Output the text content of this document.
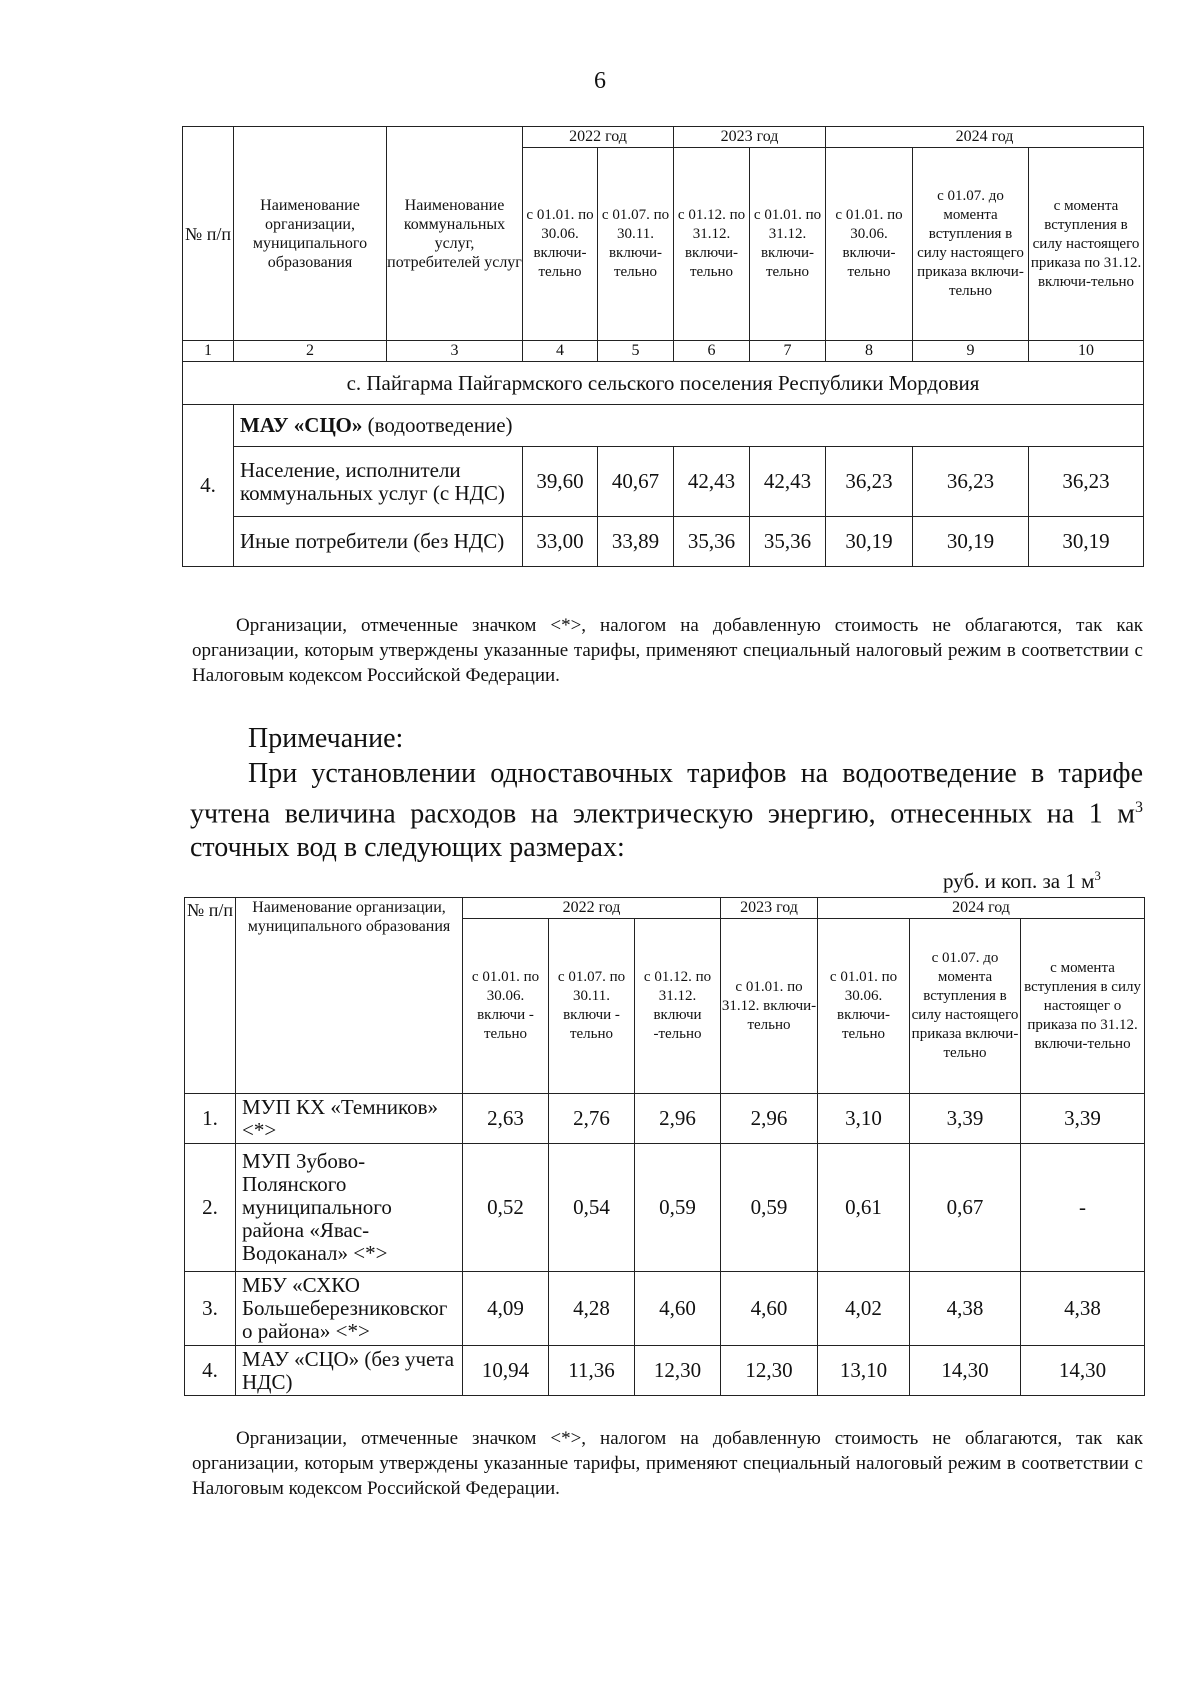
6
№ п/п	Наименование организации, муниципального образования	Наименование коммунальных услуг, потребителей услуг	2022 год		2023 год		2024 год		
			с 01.01. по 30.06. включи-тельно	с 01.07. по 30.11. включи-тельно	с 01.12. по 31.12. включи-тельно	с 01.01. по 31.12. включи-тельно	с 01.01. по 30.06. включи-тельно	с 01.07. до момента вступления в силу настоящего приказа включи-тельно	с момента вступления в силу настоящего приказа по 31.12. включи-тельно
1	2	3	4	5	6	7	8	9	10
с. Пайгарма Пайгармского сельского поселения Республики Мордовия									
4.	МАУ «СЦО» (водоотведение)								
	Население, исполнители коммунальных услуг (с НДС)		39,60	40,67	42,43	42,43	36,23	36,23	36,23
	Иные потребители (без НДС)		33,00	33,89	35,36	35,36	30,19	30,19	30,19
Организации, отмеченные значком <*>, налогом на добавленную стоимость не облагаются, так как организации, которым утверждены указанные тарифы, применяют специальный налоговый режим в соответствии с Налоговым кодексом Российской Федерации.
Примечание:
При установлении одноставочных тарифов на водоотведение в тарифе учтена величина расходов на электрическую энергию, отнесенных на 1 $м^3$ сточных вод в следующих размерах:
руб. и коп. за 1 $м^3$
№ п/п	Наименование организации, муниципального образования	2022 год			2023 год	2024 год		
		с 01.01. по 30.06. включи - тельно	с 01.07. по 30.11. включи - тельно	с 01.12. по 31.12. включи -тельно	с 01.01. по 31.12. включи-тельно	с 01.01. по 30.06. включи-тельно	с 01.07. до момента вступления в силу настоящего приказа включи-тельно	с момента вступления в силу настоящег о приказа по 31.12. включи-тельно
1.	МУП КХ «Темников» <*>	2,63	2,76	2,96	2,96	3,10	3,39	3,39
2.	МУП Зубово-Полянского муниципального района «Явас-Водоканал» <*>	0,52	0,54	0,59	0,59	0,61	0,67	-
3.	МБУ «СХКО Большеберезниковског о района» <*>	4,09	4,28	4,60	4,60	4,02	4,38	4,38
4.	МАУ «СЦО» (без учета НДС)	10,94	11,36	12,30	12,30	13,10	14,30	14,30
Организации, отмеченные значком <*>, налогом на добавленную стоимость не облагаются, так как организации, которым утверждены указанные тарифы, применяют специальный налоговый режим в соответствии с Налоговым кодексом Российской Федерации.
